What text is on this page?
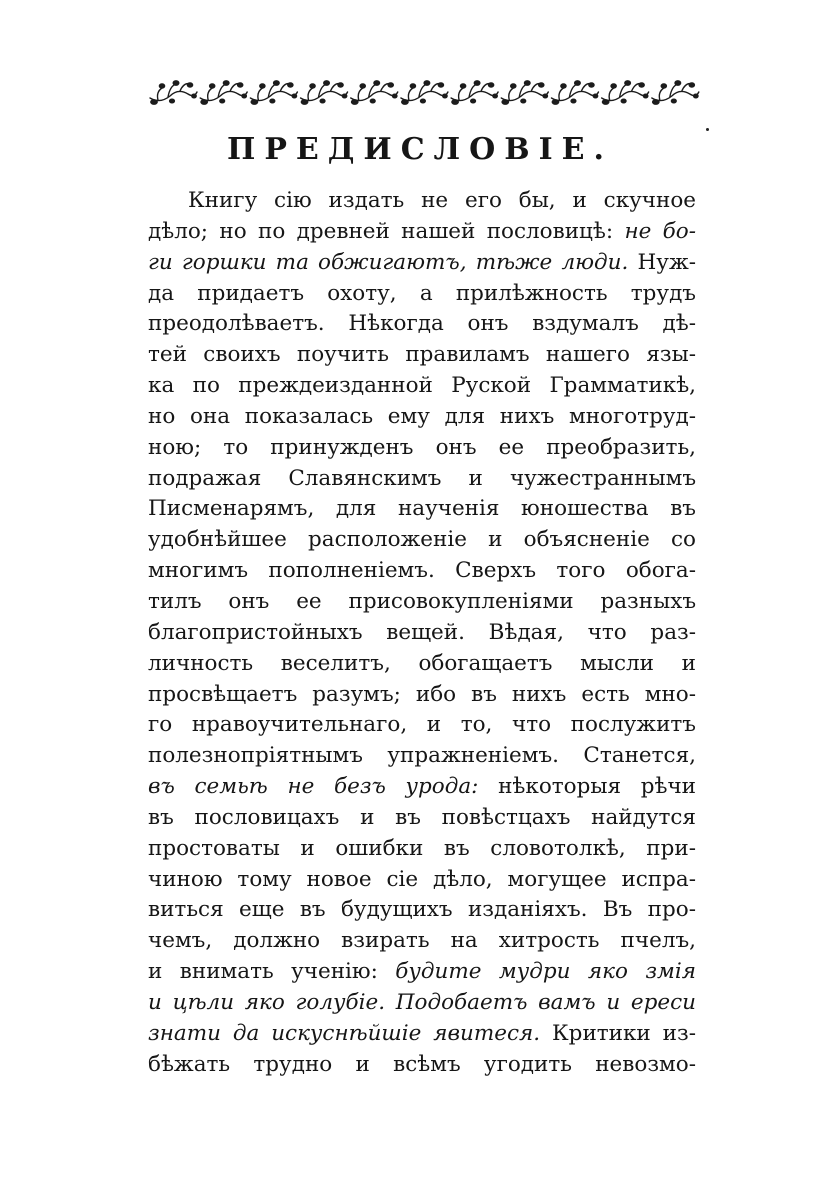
ПРЕДИСЛОВIЕ.
Книгу сiю издать не его бы, и скучное
дѣло; но по древней нашей пословицѣ: не бо-
ги горшки та обжигаютъ, тѣже люди. Нуж-
да придаетъ охоту, а прилѣжность трудъ
преодолѣваетъ. Нѣкогда онъ вздумалъ дѣ-
тей своихъ поучить правиламъ нашего язы-
ка по преждеизданной Руской Грамматикѣ,
но она показалась ему для нихъ многотруд-
ною; то принужденъ онъ ее преобразить,
подражая Славянскимъ и чужестраннымъ
Писменарямъ, для наученiя юношества въ
удобнѣйшее расположенiе и объясненiе со
многимъ пополненiемъ. Сверхъ того обога-
тилъ онъ ее присовокупленiями разныхъ
благопристойныхъ вещей. Вѣдая, что раз-
личность веселитъ, обогащаетъ мысли и
просвѣщаетъ разумъ; ибо въ нихъ есть мно-
го нравоучительнаго, и то, что послужитъ
полезнопрiятнымъ упражненiемъ. Станется,
въ семьѣ не безъ урода: нѣкоторыя рѣчи
въ пословицахъ и въ повѣстцахъ найдутся
простоваты и ошибки въ словотолкѣ, при-
чиною тому новое сiе дѣло, могущее испра-
виться еще въ будущихъ изданiяхъ. Въ про-
чемъ, должно взирать на хитрость пчелъ,
и внимать ученiю: будите мудри яко змiя
и цѣли яко голубiе. Подобаетъ вамъ и ереси
знати да искуснѣйшiе явитеся. Критики из-
бѣжать трудно и всѣмъ угодить невозмо-
